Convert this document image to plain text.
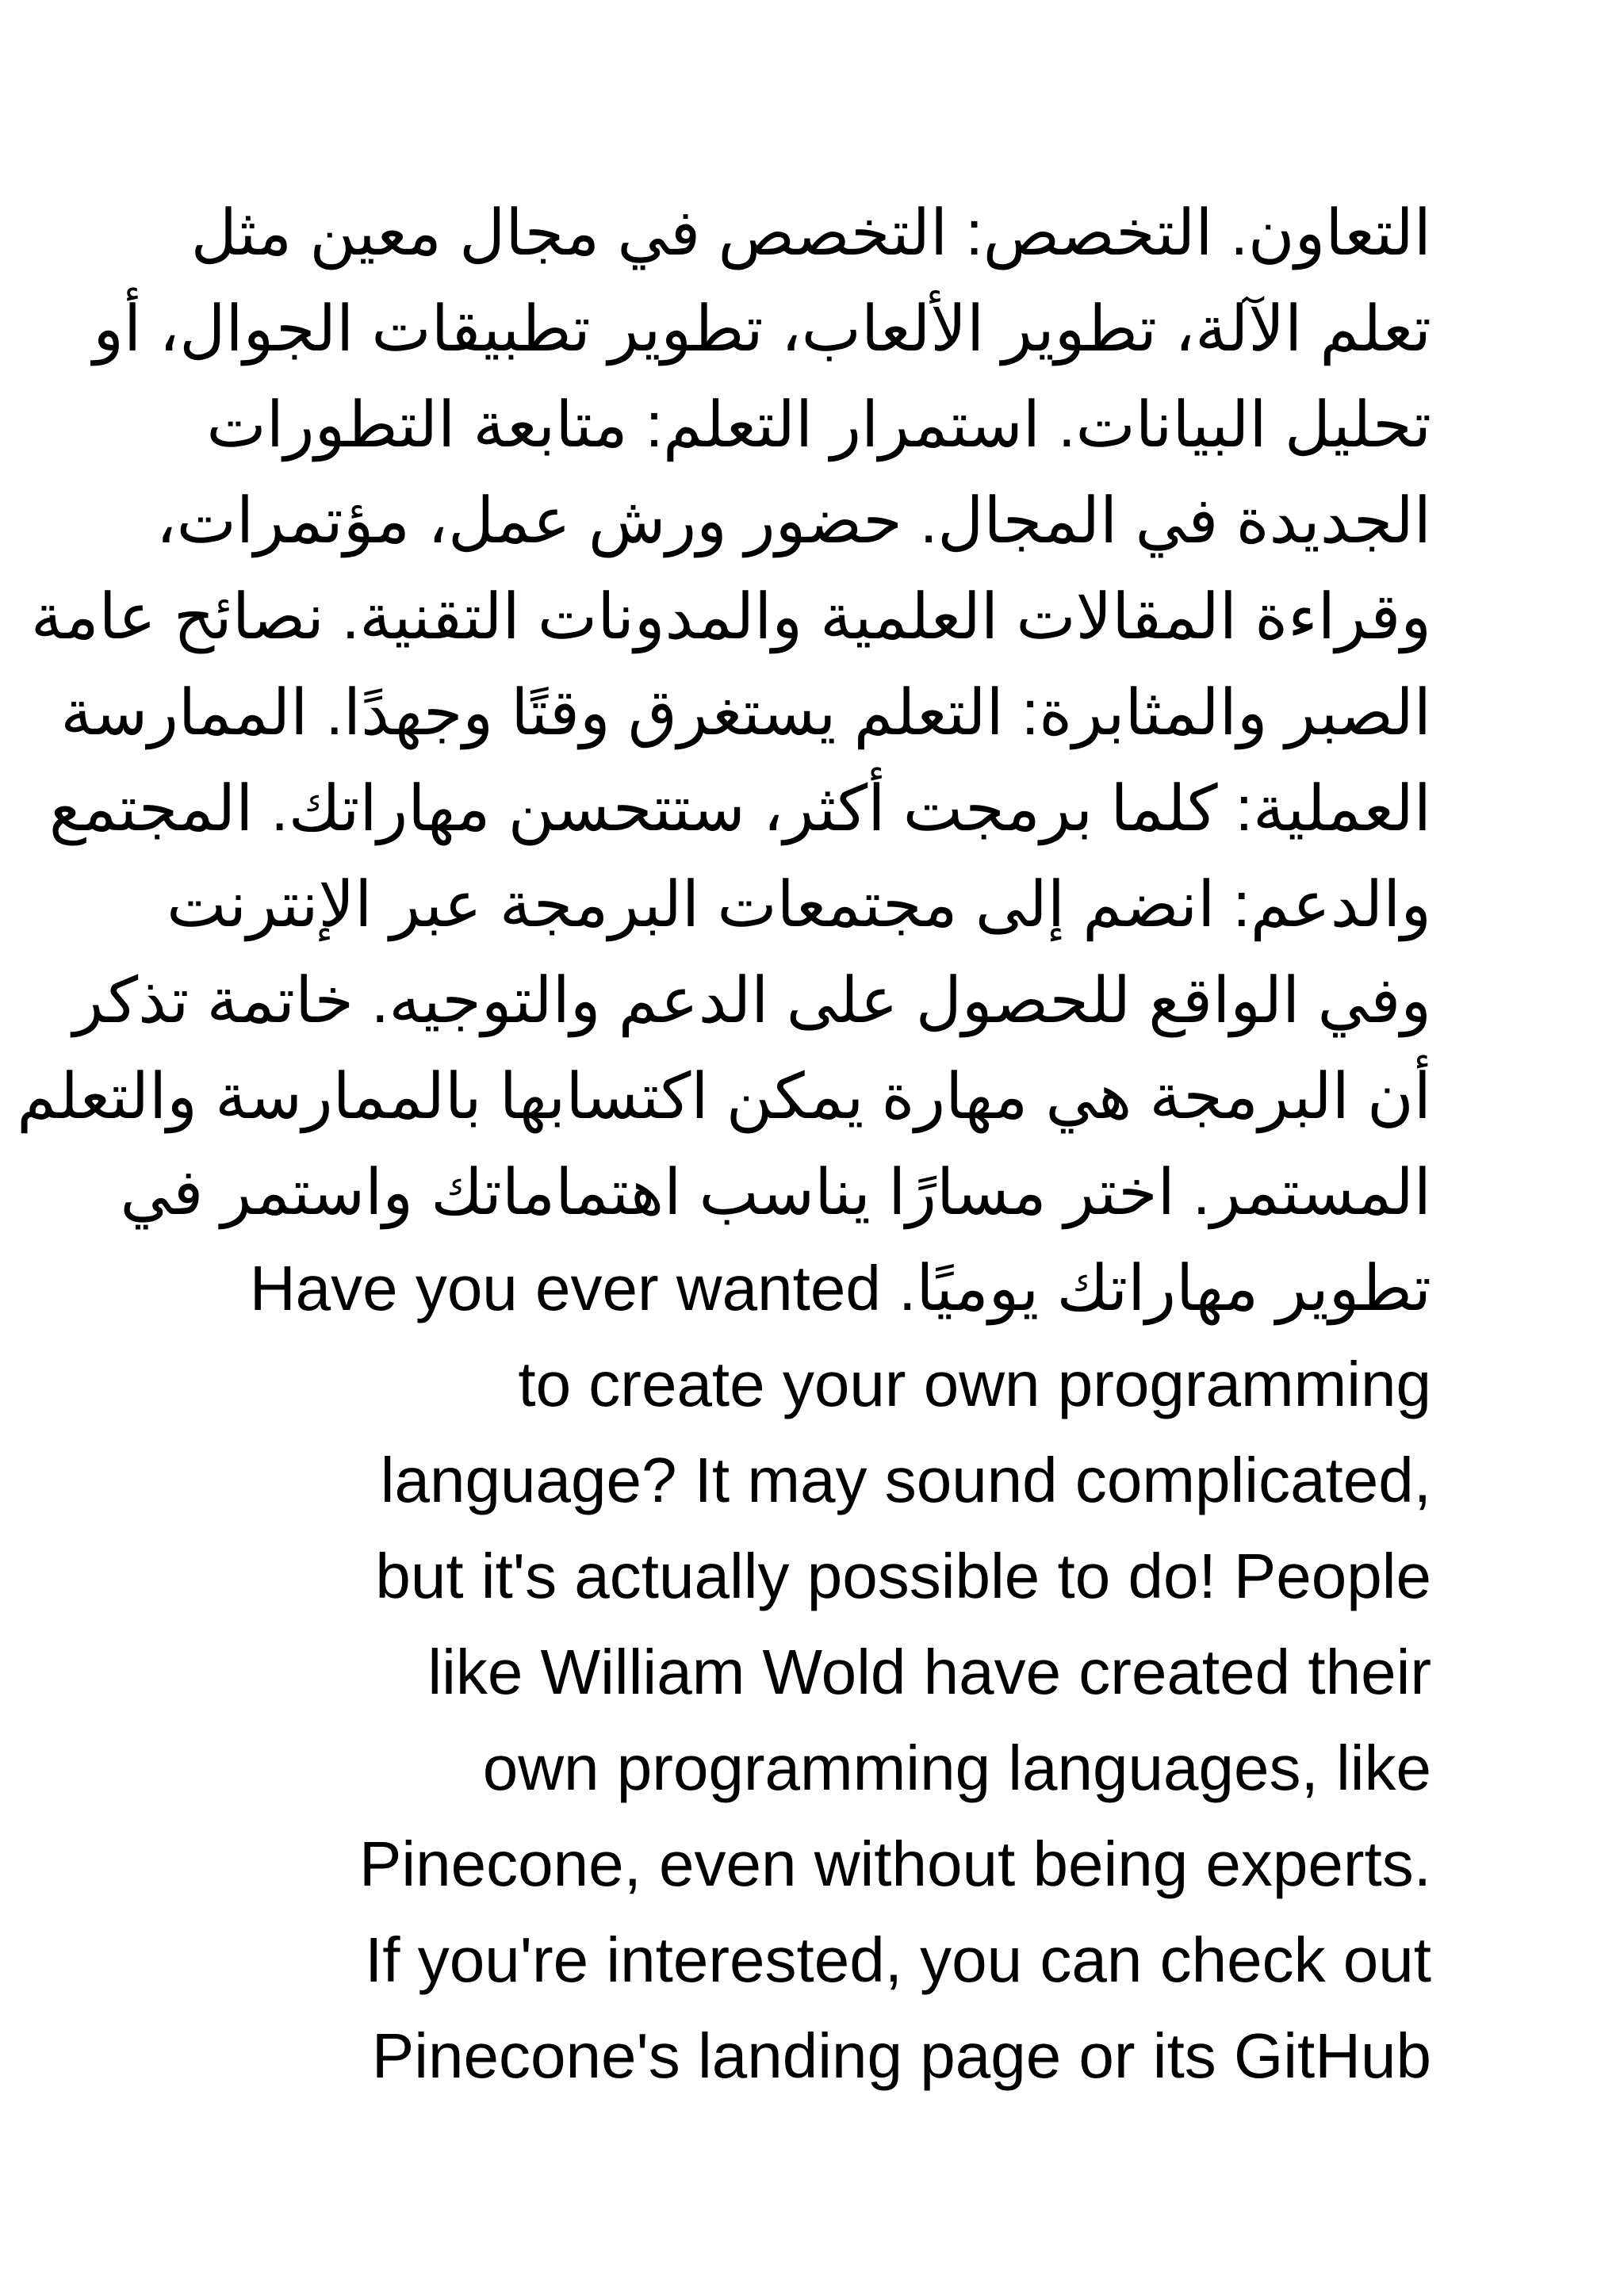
التعاون. التخصص: التخصص في مجال معين مثل
تعلم الآلة، تطوير الألعاب، تطوير تطبيقات الجوال، أو
تحليل البيانات. استمرار التعلم: متابعة التطورات
الجديدة في المجال. حضور ورش عمل، مؤتمرات،
وقراءة المقالات العلمية والمدونات التقنية. نصائح عامة
الصبر والمثابرة: التعلم يستغرق وقتًا وجهدًا. الممارسة
العملية: كلما برمجت أكثر، ستتحسن مهاراتك. المجتمع
والدعم: انضم إلى مجتمعات البرمجة عبر الإنترنت
وفي الواقع للحصول على الدعم والتوجيه. خاتمة تذكر
أن البرمجة هي مهارة يمكن اكتسابها بالممارسة والتعلم
المستمر. اختر مسارًا يناسب اهتماماتك واستمر في
تطوير مهاراتك يوميًا. Have you ever wanted
to create your own programming
language? It may sound complicated,
but it's actually possible to do! People
like William Wold have created their
own programming languages, like
Pinecone, even without being experts.
If you're interested, you can check out
Pinecone's landing page or its GitHub
